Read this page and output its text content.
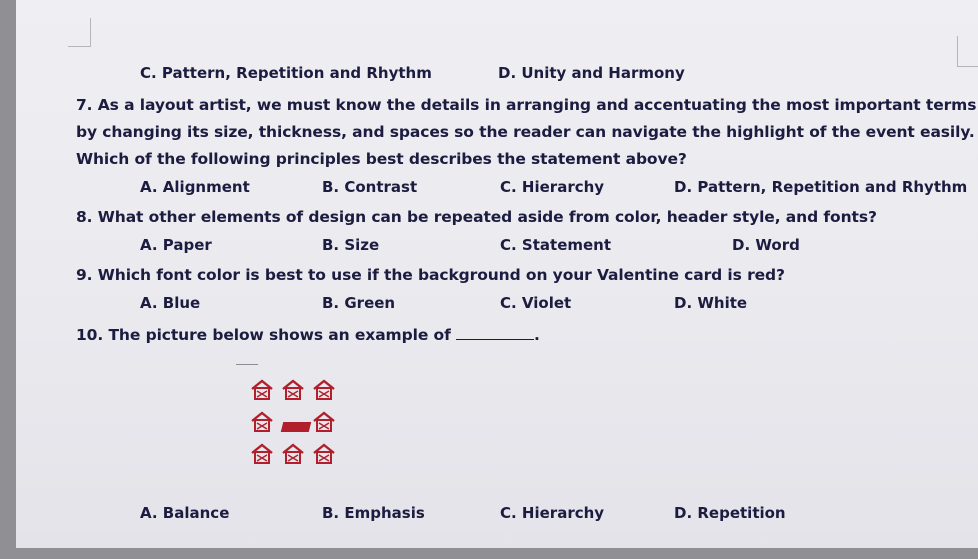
C. Pattern, Repetition and Rhythm	D. Unity and Harmony
7. As a layout artist, we must know the details in arranging and accentuating the most important terms
by changing its size, thickness, and spaces so the reader can navigate the highlight of the event easily.
Which of the following principles best describes the statement above?
A. Alignment	B. Contrast	C. Hierarchy	D. Pattern, Repetition and Rhythm
8. What other elements of design can be repeated aside from color, header style, and fonts?
A. Paper	B. Size	C. Statement	D. Word
9. Which font color is best to use if the background on your Valentine card is red?
A. Blue	B. Green	C. Violet	D. White
10. The picture below shows an example of	.
A. Balance	B. Emphasis	C. Hierarchy	D. Repetition
